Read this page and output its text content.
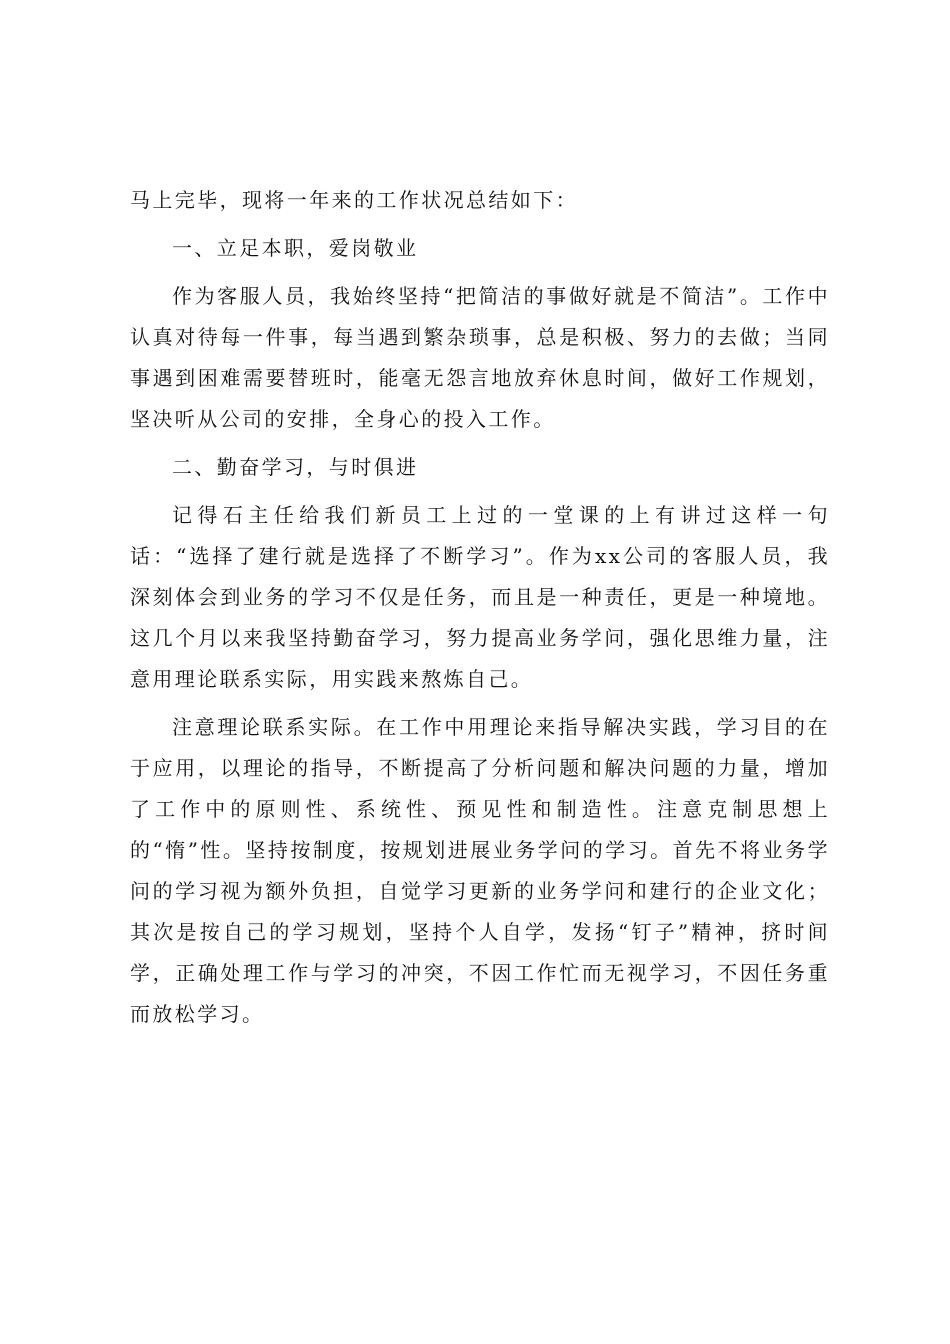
马上完毕，现将一年来的工作状况总结如下：

一、立足本职，爱岗敬业

作为客服人员，我始终坚持“把简洁的事做好就是不简洁”。工作中认真对待每一件事，每当遇到繁杂琐事，总是积极、努力的去做；当同事遇到困难需要替班时，能毫无怨言地放弃休息时间，做好工作规划，坚决听从公司的安排，全身心的投入工作。

二、勤奋学习，与时俱进

记得石主任给我们新员工上过的一堂课的上有讲过这样一句话：“选择了建行就是选择了不断学习”。作为xx公司的客服人员，我深刻体会到业务的学习不仅是任务，而且是一种责任，更是一种境地。这几个月以来我坚持勤奋学习，努力提高业务学问，强化思维力量，注意用理论联系实际，用实践来熬炼自己。

注意理论联系实际。在工作中用理论来指导解决实践，学习目的在于应用，以理论的指导，不断提高了分析问题和解决问题的力量，增加了工作中的原则性、系统性、预见性和制造性。注意克制思想上的“惰”性。坚持按制度，按规划进展业务学问的学习。首先不将业务学问的学习视为额外负担，自觉学习更新的业务学问和建行的企业文化；其次是按自己的学习规划，坚持个人自学，发扬“钉子”精神，挤时间学，正确处理工作与学习的冲突，不因工作忙而无视学习，不因任务重而放松学习。
